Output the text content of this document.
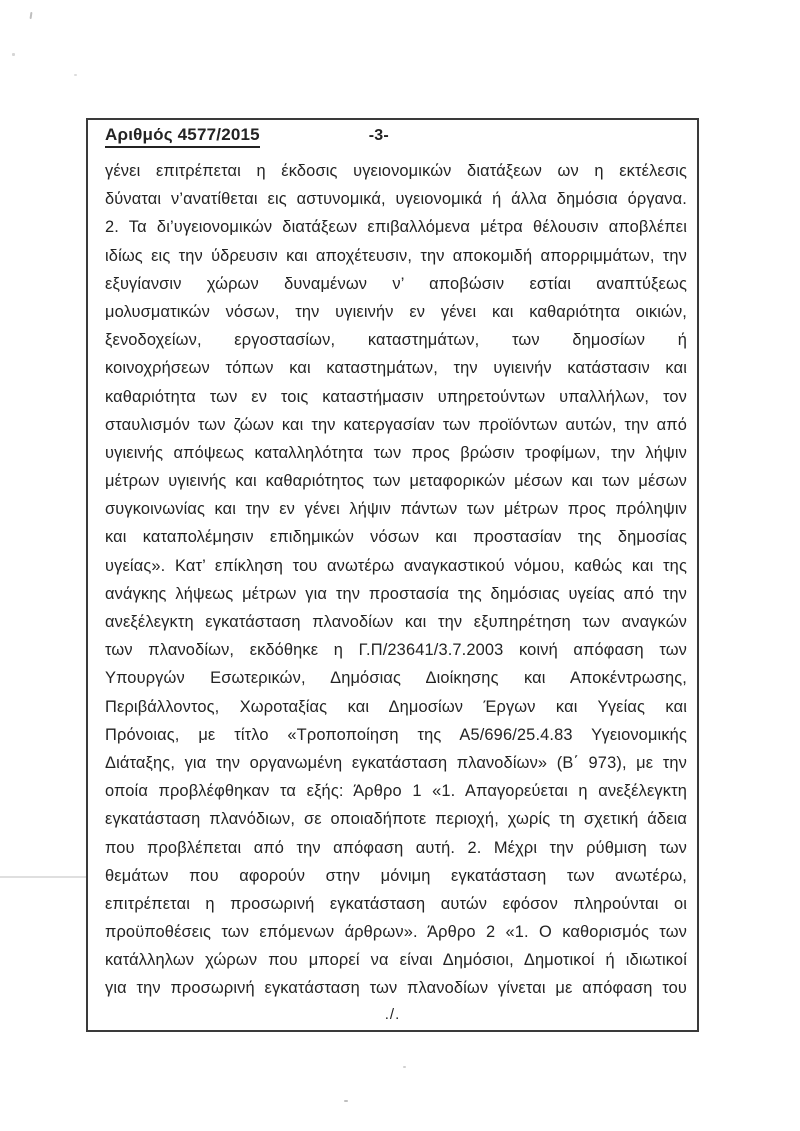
Αριθμός 4577/2015	-3-
γένει επιτρέπεται η έκδοσις υγειονομικών διατάξεων ων η εκτέλεσις
δύναται ν’ανατίθεται εις αστυνομικά, υγειονομικά ή άλλα δημόσια όργανα.
2. Τα δι’υγειονομικών διατάξεων επιβαλλόμενα μέτρα θέλουσιν αποβλέπει
ιδίως εις την ύδρευσιν και αποχέτευσιν, την αποκομιδή απορριμμάτων, την
εξυγίανσιν χώρων δυναμένων ν’ αποβώσιν εστίαι αναπτύξεως
μολυσματικών νόσων, την υγιεινήν εν γένει και καθαριότητα οικιών,
ξενοδοχείων, εργοστασίων, καταστημάτων, των δημοσίων ή
κοινοχρήσεων τόπων και καταστημάτων, την υγιεινήν κατάστασιν και
καθαριότητα των εν τοις καταστήμασιν υπηρετούντων υπαλλήλων, τον
σταυλισμόν των ζώων και την κατεργασίαν των προϊόντων αυτών, την από
υγιεινής απόψεως καταλληλότητα των προς βρώσιν τροφίμων, την λήψιν
μέτρων υγιεινής και καθαριότητος των μεταφορικών μέσων και των μέσων
συγκοινωνίας και την εν γένει λήψιν πάντων των μέτρων προς πρόληψιν
και καταπολέμησιν επιδημικών νόσων και προστασίαν της δημοσίας
υγείας». Κατ’ επίκληση του ανωτέρω αναγκαστικού νόμου, καθώς και της
ανάγκης λήψεως μέτρων για την προστασία της δημόσιας υγείας από την
ανεξέλεγκτη εγκατάσταση πλανοδίων και την εξυπηρέτηση των αναγκών
των πλανοδίων, εκδόθηκε η Γ.Π/23641/3.7.2003 κοινή απόφαση των
Υπουργών Εσωτερικών, Δημόσιας Διοίκησης και Αποκέντρωσης,
Περιβάλλοντος, Χωροταξίας και Δημοσίων Έργων και Υγείας και
Πρόνοιας, με τίτλο «Τροποποίηση της Α5/696/25.4.83 Υγειονομικής
Διάταξης, για την οργανωμένη εγκατάσταση πλανοδίων» (Β΄ 973), με την
οποία προβλέφθηκαν τα εξής: Άρθρο 1 «1. Απαγορεύεται η ανεξέλεγκτη
εγκατάσταση πλανόδιων, σε οποιαδήποτε περιοχή, χωρίς τη σχετική άδεια
που προβλέπεται από την απόφαση αυτή. 2. Μέχρι την ρύθμιση των
θεμάτων που αφορούν στην μόνιμη εγκατάσταση των ανωτέρω,
επιτρέπεται η προσωρινή εγκατάσταση αυτών εφόσον πληρούνται οι
προϋποθέσεις των επόμενων άρθρων». Άρθρο 2 «1. Ο καθορισμός των
κατάλληλων χώρων που μπορεί να είναι Δημόσιοι, Δημοτικοί ή ιδιωτικοί
για την προσωρινή εγκατάσταση των πλανοδίων γίνεται με απόφαση του
./.
